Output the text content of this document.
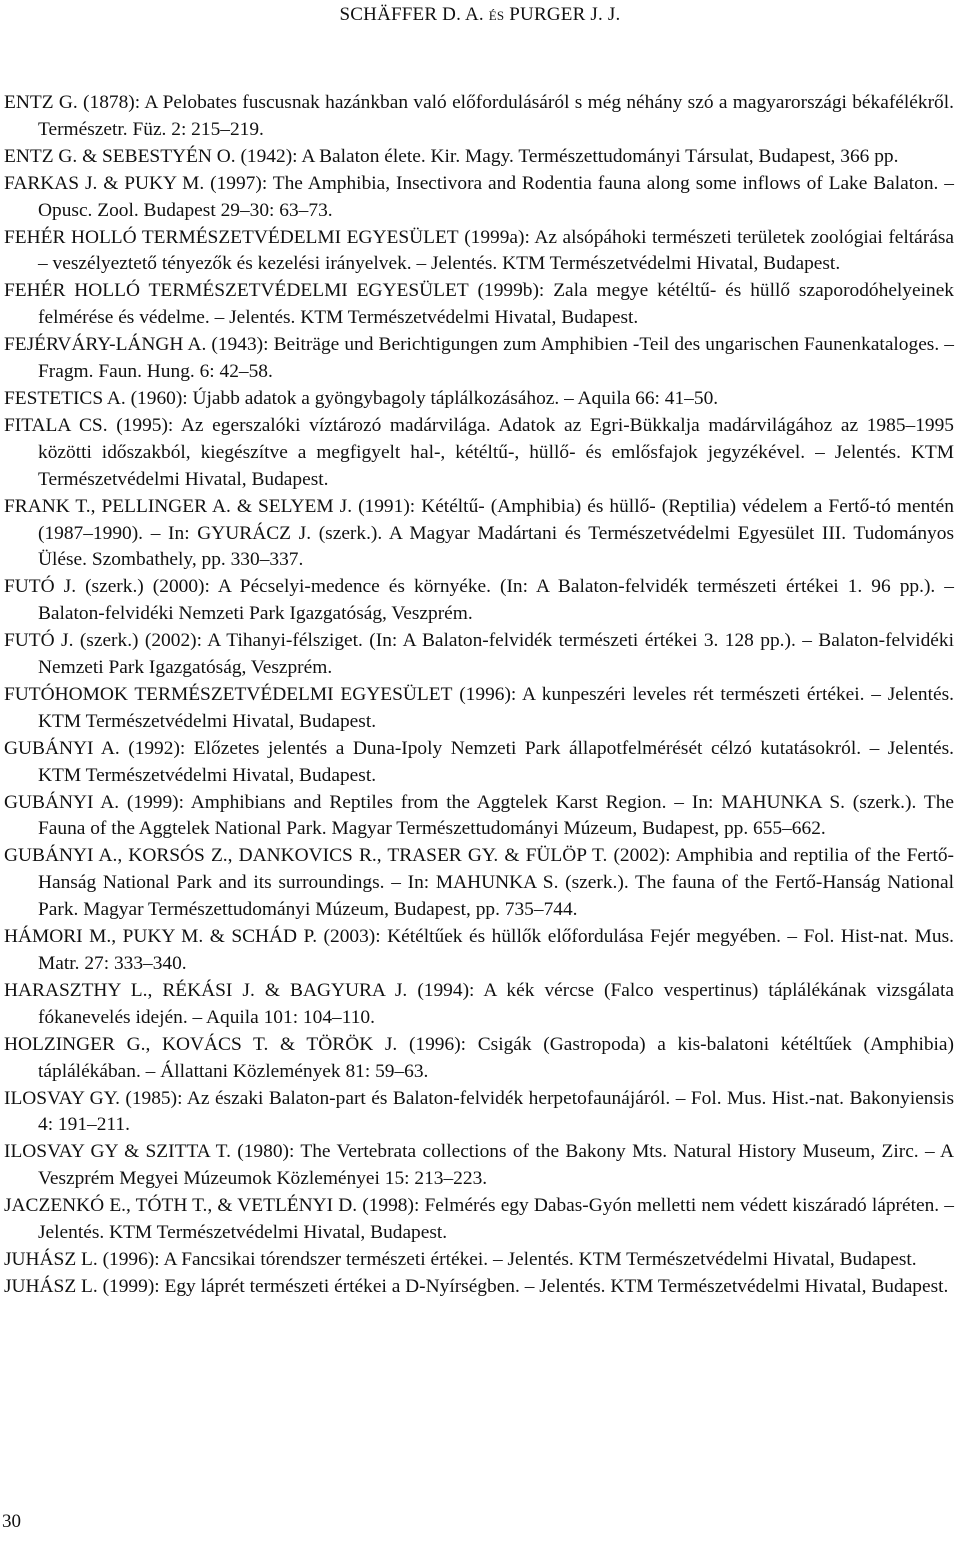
SCHÄFFER D. A. és PURGER J. J.

ENTZ G. (1878): A Pelobates fuscusnak hazánkban való előfordulásáról s még néhány szó a magyarországi békafélékről. Természetr. Füz. 2: 215–219.

ENTZ G. & SEBESTYÉN O. (1942): A Balaton élete. Kir. Magy. Természettudományi Társulat, Budapest, 366 pp.

FARKAS J. & PUKY M. (1997): The Amphibia, Insectivora and Rodentia fauna along some inflows of Lake Balaton. – Opusc. Zool. Budapest 29–30: 63–73.

FEHÉR HOLLÓ TERMÉSZETVÉDELMI EGYESÜLET (1999a): Az alsópáhoki természeti területek zoológiai feltárása – veszélyeztető tényezők és kezelési irányelvek. – Jelentés. KTM Természetvédelmi Hivatal, Budapest.

FEHÉR HOLLÓ TERMÉSZETVÉDELMI EGYESÜLET (1999b): Zala megye kétéltű- és hüllő szaporodóhelyeinek felmérése és védelme. – Jelentés. KTM Természetvédelmi Hivatal, Budapest.

FEJÉRVÁRY-LÁNGH A. (1943): Beiträge und Berichtigungen zum Amphibien -Teil des ungarischen Faunenkataloges. – Fragm. Faun. Hung. 6: 42–58.

FESTETICS A. (1960): Újabb adatok a gyöngybagoly táplálkozásához. – Aquila 66: 41–50.

FITALA CS. (1995): Az egerszalóki víztározó madárvilága. Adatok az Egri-Bükkalja madárvilágához az 1985–1995 közötti időszakból, kiegészítve a megfigyelt hal-, kétéltű-, hüllő- és emlősfajok jegyzékével. – Jelentés. KTM Természetvédelmi Hivatal, Budapest.

FRANK T., PELLINGER A. & SELYEM J. (1991): Kétéltű- (Amphibia) és hüllő- (Reptilia) védelem a Fertő-tó mentén (1987–1990). – In: GYURÁCZ J. (szerk.). A Magyar Madártani és Természetvédelmi Egyesület III. Tudományos Ülése. Szombathely, pp. 330–337.

FUTÓ J. (szerk.) (2000): A Pécselyi-medence és környéke. (In: A Balaton-felvidék természeti értékei 1. 96 pp.). – Balaton-felvidéki Nemzeti Park Igazgatóság, Veszprém.

FUTÓ J. (szerk.) (2002): A Tihanyi-félsziget. (In: A Balaton-felvidék természeti értékei 3. 128 pp.). – Balaton-felvidéki Nemzeti Park Igazgatóság, Veszprém.

FUTÓHOMOK TERMÉSZETVÉDELMI EGYESÜLET (1996): A kunpeszéri leveles rét természeti értékei. – Jelentés. KTM Természetvédelmi Hivatal, Budapest.

GUBÁNYI A. (1992): Előzetes jelentés a Duna-Ipoly Nemzeti Park állapotfelmérését célzó kutatásokról. – Jelentés. KTM Természetvédelmi Hivatal, Budapest.

GUBÁNYI A. (1999): Amphibians and Reptiles from the Aggtelek Karst Region. – In: MAHUNKA S. (szerk.). The Fauna of the Aggtelek National Park. Magyar Természettudományi Múzeum, Budapest, pp. 655–662.

GUBÁNYI A., KORSÓS Z., DANKOVICS R., TRASER GY. & FÜLÖP T. (2002): Amphibia and reptilia of the Fertő-Hanság National Park and its surroundings. – In: MAHUNKA S. (szerk.). The fauna of the Fertő-Hanság National Park. Magyar Természettudományi Múzeum, Budapest, pp. 735–744.

HÁMORI M., PUKY M. & SCHÁD P. (2003): Kétéltűek és hüllők előfordulása Fejér megyében. – Fol. Hist-nat. Mus. Matr. 27: 333–340.

HARASZTHY L., RÉKÁSI J. & BAGYURA J. (1994): A kék vércse (Falco vespertinus) táplálékának vizsgálata fókanevelés idején. – Aquila 101: 104–110.

HOLZINGER G., KOVÁCS T. & TÖRÖK J. (1996): Csigák (Gastropoda) a kis-balatoni kétéltűek (Amphibia) táplálékában. – Állattani Közlemények 81: 59–63.

ILOSVAY GY. (1985): Az északi Balaton-part és Balaton-felvidék herpetofaunájáról. – Fol. Mus. Hist.-nat. Bakonyiensis 4: 191–211.

ILOSVAY GY & SZITTA T. (1980): The Vertebrata collections of the Bakony Mts. Natural History Museum, Zirc. – A Veszprém Megyei Múzeumok Közleményei 15: 213–223.

JACZENKÓ E., TÓTH T., & VETLÉNYI D. (1998): Felmérés egy Dabas-Gyón melletti nem védett kiszáradó lápréten. – Jelentés. KTM Természetvédelmi Hivatal, Budapest.

JUHÁSZ L. (1996): A Fancsikai tórendszer természeti értékei. – Jelentés. KTM Természetvédelmi Hivatal, Budapest.

JUHÁSZ L. (1999): Egy láprét természeti értékei a D-Nyírségben. – Jelentés. KTM Természetvédelmi Hivatal, Budapest.

30
